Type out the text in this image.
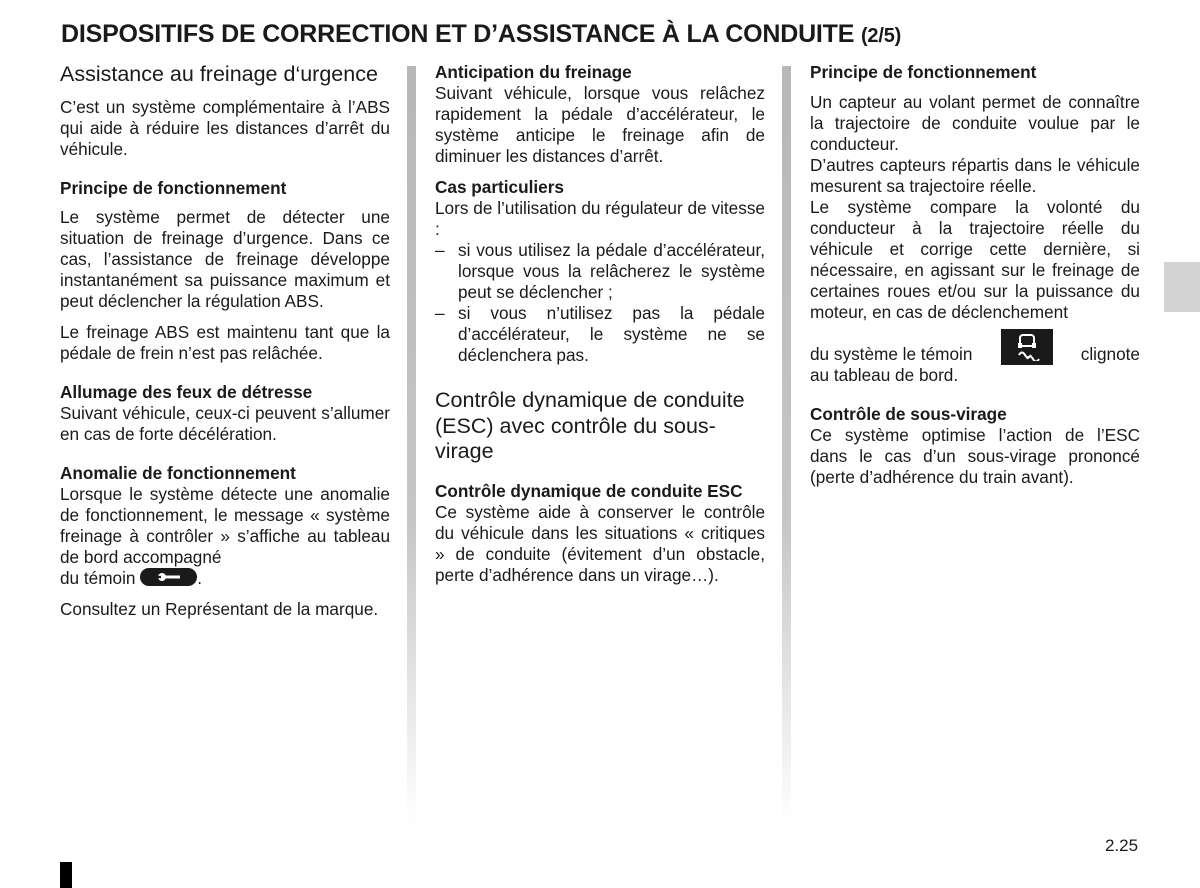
DISPOSITIFS DE CORRECTION ET D’ASSISTANCE À LA CONDUITE (2/5)
Assistance au freinage d‘urgence

C’est un système complémentaire à l’ABS qui aide à réduire les distances d’arrêt du véhicule.

Principe de fonctionnement

Le système permet de détecter une situation de freinage d’urgence. Dans ce cas, l’assistance de freinage développe instantanément sa puissance maximum et peut déclencher la régulation ABS.

Le freinage ABS est maintenu tant que la pédale de frein n’est pas relâchée.

Allumage des feux de détresse

Suivant véhicule, ceux-ci peuvent s’allumer en cas de forte décélération.

Anomalie de fonctionnement

Lorsque le système détecte une anomalie de fonctionnement, le message « système freinage à contrôler » s’affiche au tableau de bord accompagné

du témoin	.

Consultez un Représentant de la marque.

Anticipation du freinage

Suivant véhicule, lorsque vous relâchez rapidement la pédale d’accélérateur, le système anticipe le freinage afin de diminuer les distances d’arrêt.

Cas particuliers

Lors de l’utilisation du régulateur de vitesse :

– si vous utilisez la pédale d’accélérateur, lorsque vous la relâcherez le système peut se déclencher ;
– si vous n’utilisez pas la pédale d’accélérateur, le système ne se déclenchera pas.
Contrôle dynamique de conduite (ESC) avec contrôle du sous-virage
Contrôle dynamique de conduite ESC

Ce système aide à conserver le contrôle du véhicule dans les situations « critiques » de conduite (évitement d’un obstacle, perte d’adhérence dans un virage…).

Principe de fonctionnement

Un capteur au volant permet de connaître la trajectoire de conduite voulue par le conducteur.

D’autres capteurs répartis dans le véhicule mesurent sa trajectoire réelle.

Le système compare la volonté du conducteur à la trajectoire réelle du véhicule et corrige cette dernière, si nécessaire, en agissant sur le freinage de certaines roues et/ou sur la puissance du moteur, en cas de déclenchement

du système le témoin	clignote

au tableau de bord.

Contrôle de sous-virage

Ce système optimise l’action de l’ESC dans le cas d’un sous-virage prononcé (perte d’adhérence du train avant).

2.25
